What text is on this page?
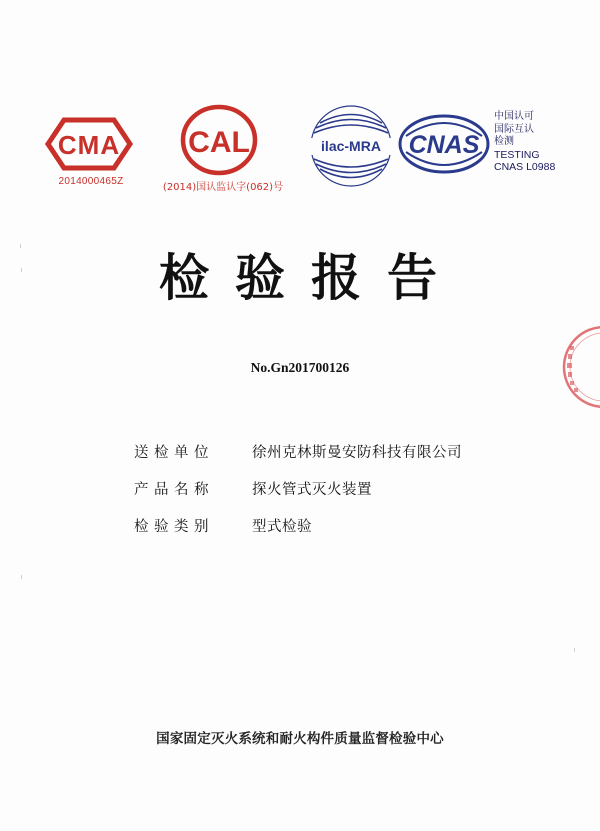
CMA
2014000465Z
CAL
(2014)国认监认字(062)号
ilac-MRA CNAS
中国认可
国际互认
检测
TESTING
CNAS L0988
检验报告
No.Gn201700126
送检单位	徐州克林斯曼安防科技有限公司
产品名称	探火管式灭火装置
检验类别	型式检验
国家固定灭火系统和耐火构件质量监督检验中心
